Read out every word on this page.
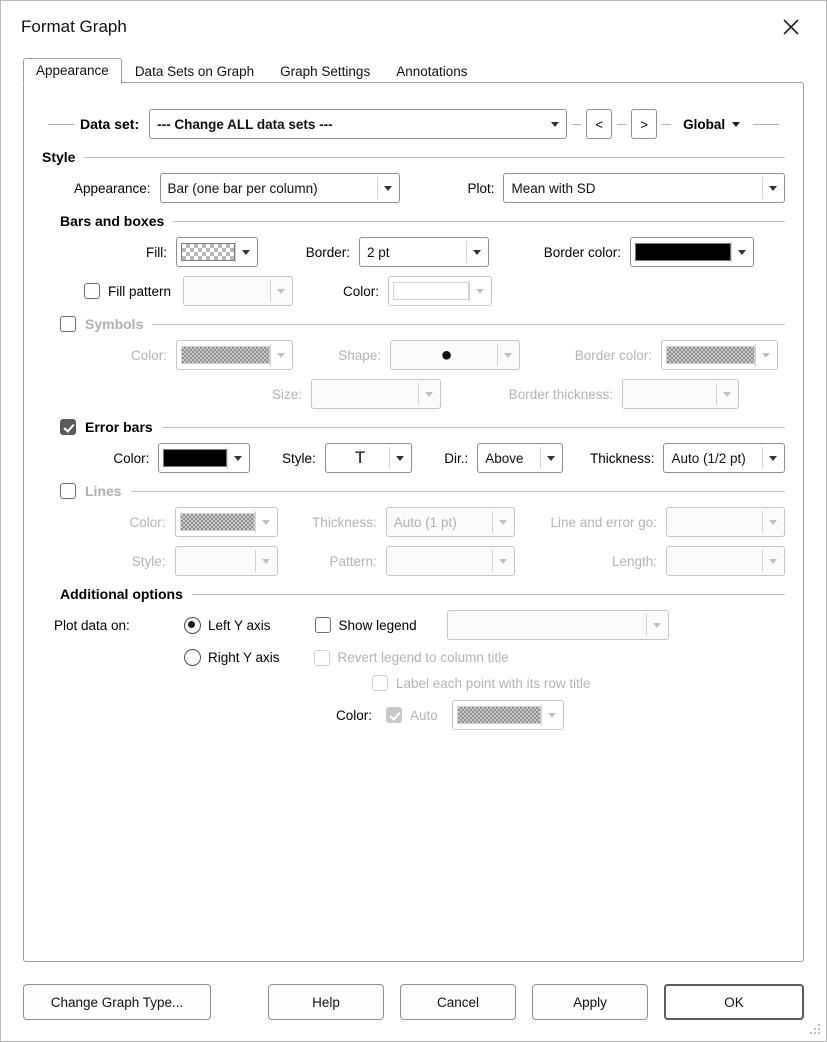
Format Graph
Appearance	Data Sets on Graph	Graph Settings	Annotations
Data set: --- Change ALL data sets ---	<	>	Global
Style
Appearance: Bar (one bar per column)	Plot: Mean with SD
Bars and boxes
Fill:	Border: 2 pt	Border color:
Fill pattern	Color:
Symbols
Color:	Shape:	●	Border color:
Size:	Border thickness:
Error bars
Color:	Style: T	Dir.: Above	Thickness: Auto (1/2 pt)
Lines
Color:	Thickness: Auto (1 pt)	Line and error go:
Style:	Pattern:	Length:
Additional options
Plot data on:	Left Y axis	Show legend
Right Y axis	Revert legend to column title
Label each point with its row title
Color:	Auto
Change Graph Type...	Help	Cancel	Apply	OK
